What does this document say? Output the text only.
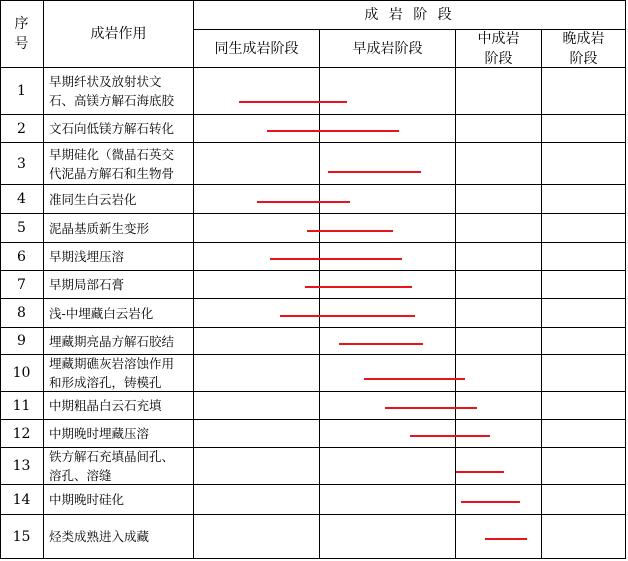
序
号
成岩作用
成 岩 阶 段
同生成岩阶段	早成岩阶段
中成岩
阶段
晚成岩
阶段
1
早期纤状及放射状文
石、高镁方解石海底胶
2 文石向低镁方解石转化
3
早期硅化（微晶石英交
代泥晶方解石和生物骨
4 准同生白云岩化
5 泥晶基质新生变形
6 早期浅埋压溶
7 早期局部石膏
8 浅-中埋藏白云岩化
9 埋藏期亮晶方解石胶结
10
埋藏期礁灰岩溶蚀作用
和形成溶孔，铸模孔
11 中期粗晶白云石充填
12 中期晚时埋藏压溶
13
铁方解石充填晶间孔、
溶孔、溶缝
14 中期晚时硅化
15 烃类成熟进入成藏
